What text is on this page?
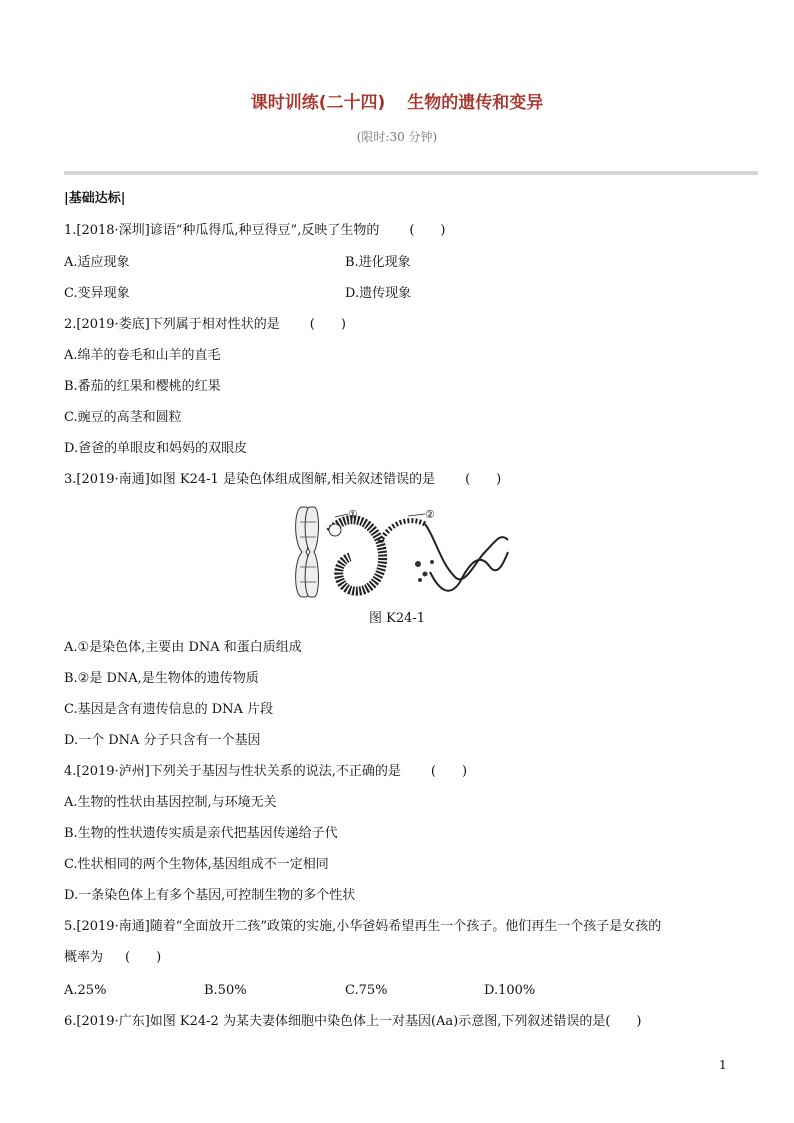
课时训练(二十四) 生物的遗传和变异
(限时:30 分钟)
|基础达标|
1.[2018·深圳]谚语“种瓜得瓜,种豆得豆”,反映了生物的 (　　)
A.适应现象	B.进化现象
C.变异现象	D.遗传现象
2.[2019·娄底]下列属于相对性状的是 (　　)
A.绵羊的卷毛和山羊的直毛
B.番茄的红果和樱桃的红果
C.豌豆的高茎和圆粒
D.爸爸的单眼皮和妈妈的双眼皮
3.[2019·南通]如图 K24-1 是染色体组成图解,相关叙述错误的是 (　　)
①	②
图 K24-1
A.①是染色体,主要由 DNA 和蛋白质组成
B.②是 DNA,是生物体的遗传物质
C.基因是含有遗传信息的 DNA 片段
D.一个 DNA 分子只含有一个基因
4.[2019·泸州]下列关于基因与性状关系的说法,不正确的是 (　　)
A.生物的性状由基因控制,与环境无关
B.生物的性状遗传实质是亲代把基因传递给子代
C.性状相同的两个生物体,基因组成不一定相同
D.一条染色体上有多个基因,可控制生物的多个性状
5.[2019·南通]随着“全面放开二孩”政策的实施,小华爸妈希望再生一个孩子。他们再生一个孩子是女孩的
概率为 (　　)
A.25%	B.50%	C.75%	D.100%
6.[2019·广东]如图 K24-2 为某夫妻体细胞中染色体上一对基因(Aa)示意图,下列叙述错误的是(　　)
1
